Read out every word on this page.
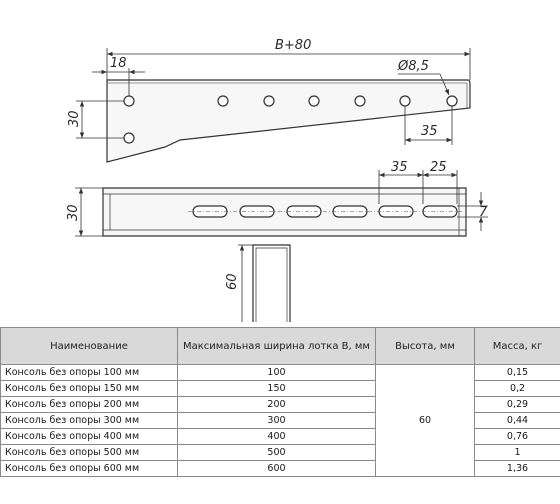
B+80
18	Ø8,5
30
35
35 25
30	7
60
Наименование	Максимальная ширина лотка B, мм	Высота, мм	Масса, кг
Консоль без опоры 100 мм	100	60	0,15
Консоль без опоры 150 мм	150		0,2
Консоль без опоры 200 мм	200		0,29
Консоль без опоры 300 мм	300		0,44
Консоль без опоры 400 мм	400		0,76
Консоль без опоры 500 мм	500		1
Консоль без опоры 600 мм	600		1,36
